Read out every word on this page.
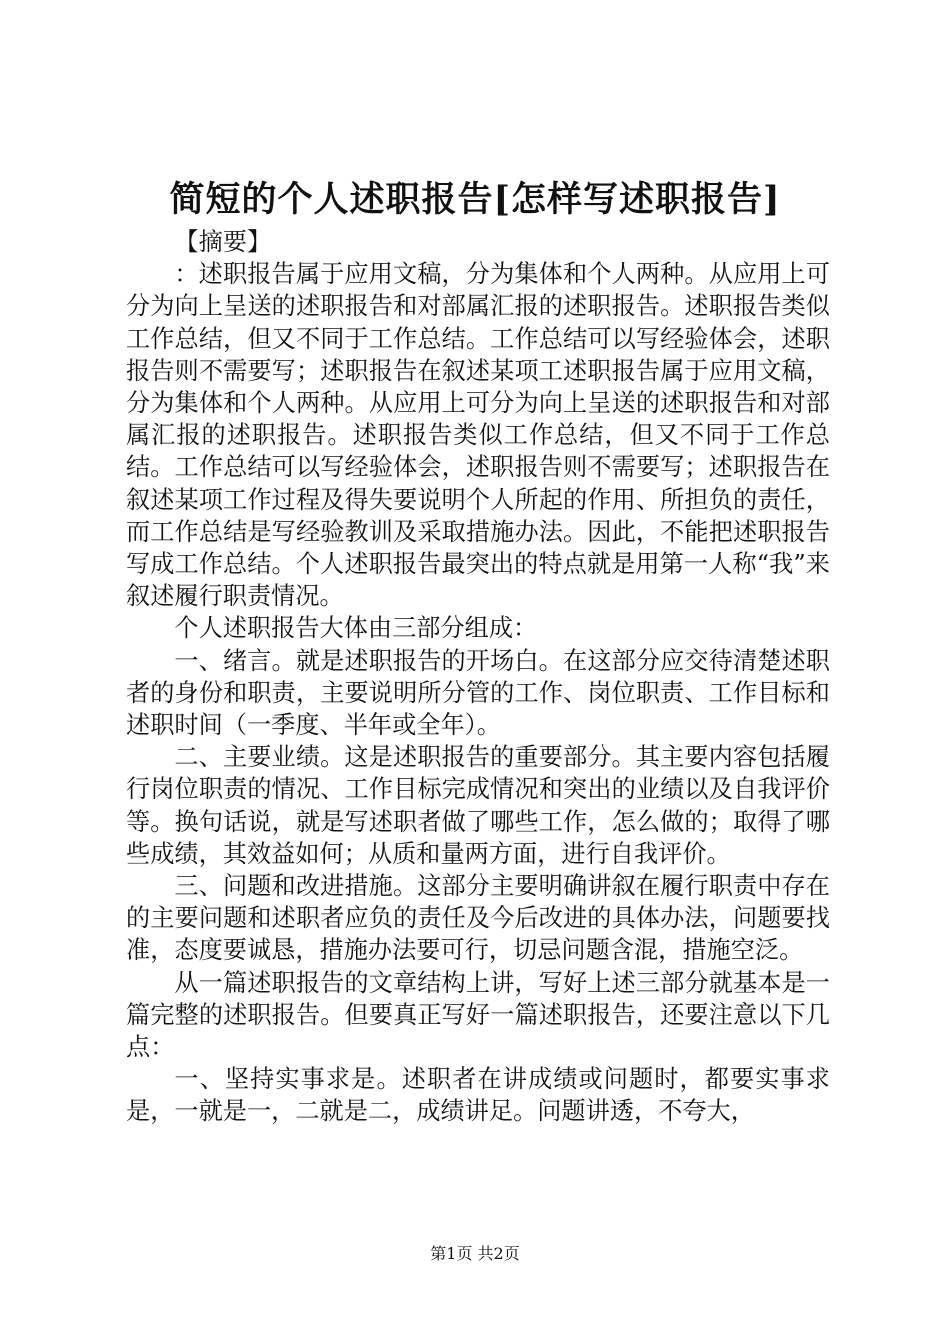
简短的个人述职报告[怎样写述职报告]

【摘要】

：述职报告属于应用文稿，分为集体和个人两种。从应用上可分为向上呈送的述职报告和对部属汇报的述职报告。述职报告类似工作总结，但又不同于工作总结。工作总结可以写经验体会，述职报告则不需要写；述职报告在叙述某项工述职报告属于应用文稿，分为集体和个人两种。从应用上可分为向上呈送的述职报告和对部属汇报的述职报告。述职报告类似工作总结，但又不同于工作总结。工作总结可以写经验体会，述职报告则不需要写；述职报告在叙述某项工作过程及得失要说明个人所起的作用、所担负的责任，而工作总结是写经验教训及采取措施办法。因此，不能把述职报告写成工作总结。个人述职报告最突出的特点就是用第一人称“我”来叙述履行职责情况。

个人述职报告大体由三部分组成：

一、绪言。就是述职报告的开场白。在这部分应交待清楚述职者的身份和职责，主要说明所分管的工作、岗位职责、工作目标和述职时间（一季度、半年或全年）。

二、主要业绩。这是述职报告的重要部分。其主要内容包括履行岗位职责的情况、工作目标完成情况和突出的业绩以及自我评价等。换句话说，就是写述职者做了哪些工作，怎么做的；取得了哪些成绩，其效益如何；从质和量两方面，进行自我评价。

三、问题和改进措施。这部分主要明确讲叙在履行职责中存在的主要问题和述职者应负的责任及今后改进的具体办法，问题要找准，态度要诚恳，措施办法要可行，切忌问题含混，措施空泛。

从一篇述职报告的文章结构上讲，写好上述三部分就基本是一篇完整的述职报告。但要真正写好一篇述职报告，还要注意以下几点：

一、坚持实事求是。述职者在讲成绩或问题时，都要实事求是，一就是一，二就是二，成绩讲足。问题讲透，不夸大，

第1页 共2页
